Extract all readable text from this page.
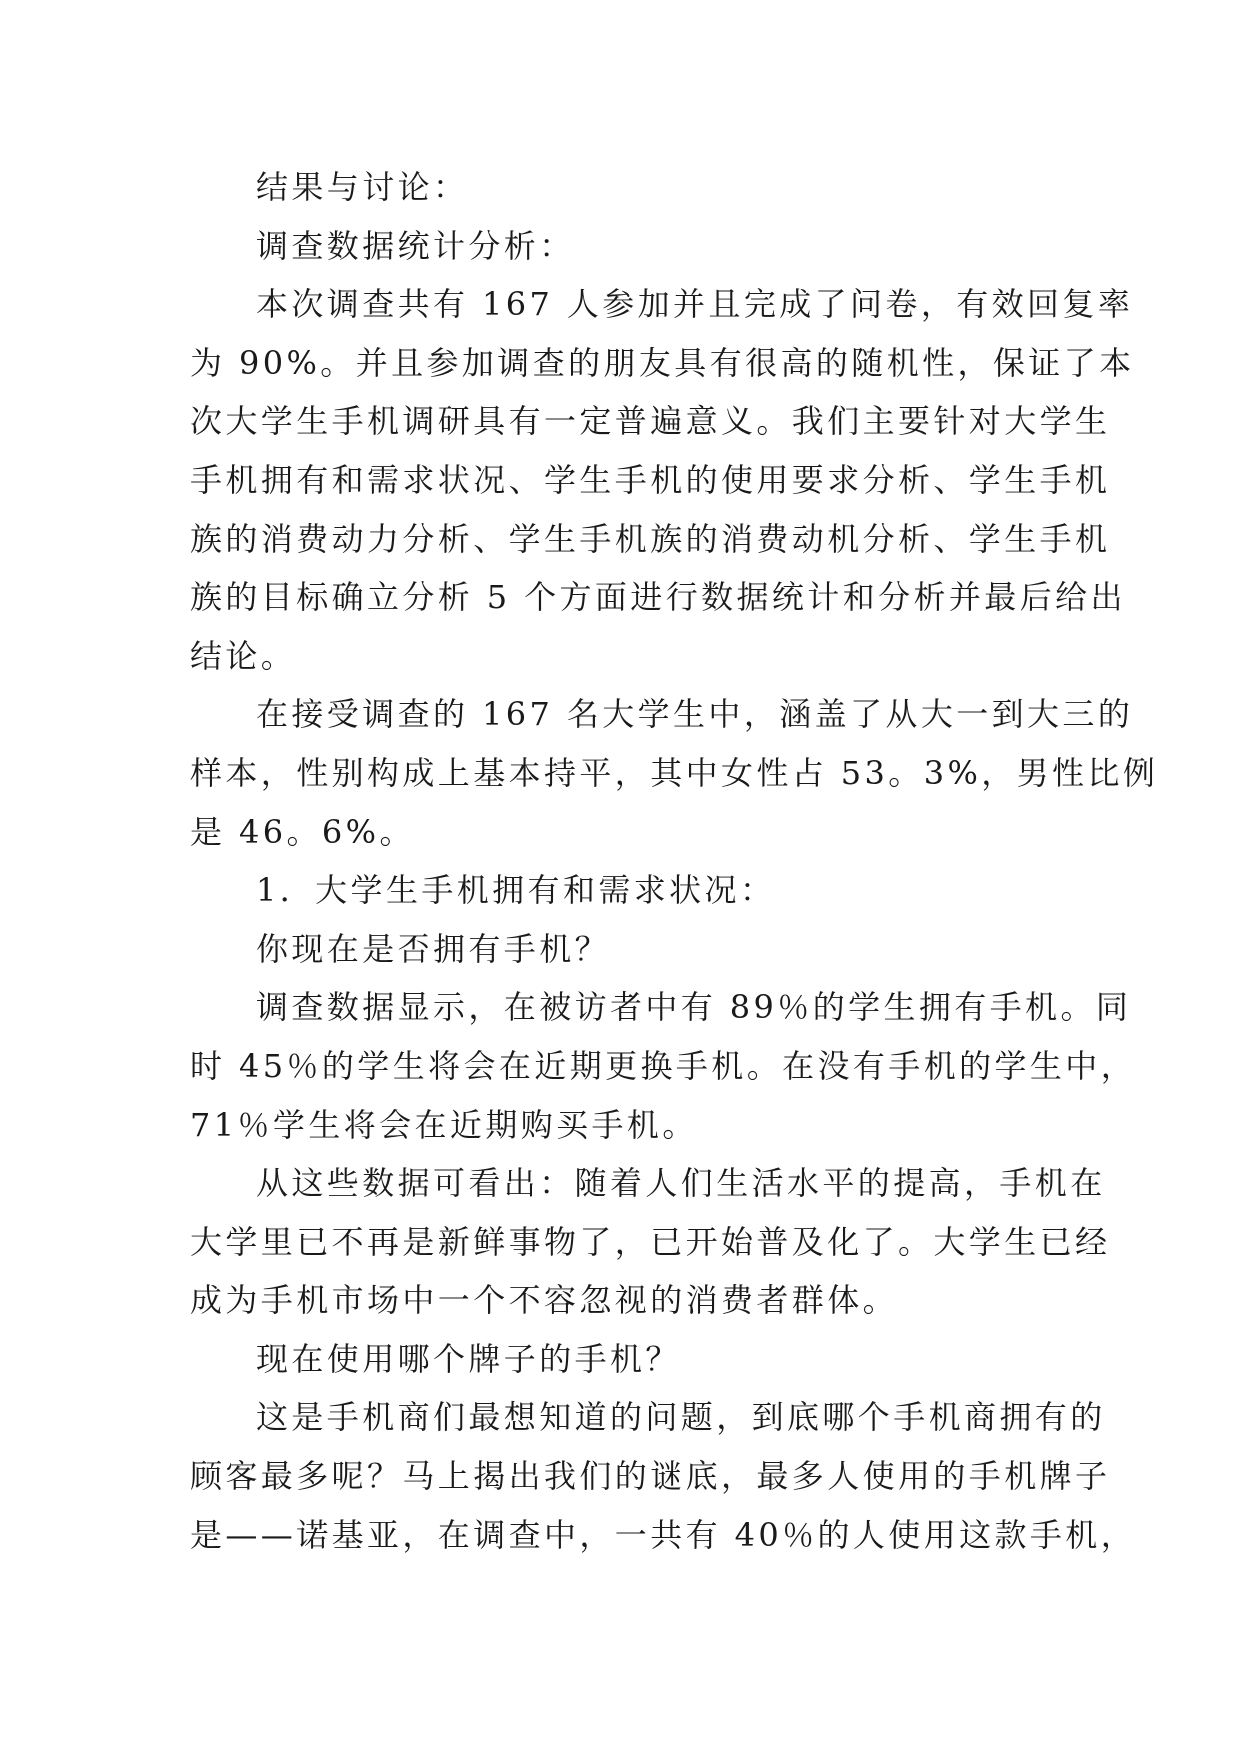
结果与讨论：
调查数据统计分析：
本次调查共有 167 人参加并且完成了问卷，有效回复率
为 90%。并且参加调查的朋友具有很高的随机性，保证了本
次大学生手机调研具有一定普遍意义。我们主要针对大学生
手机拥有和需求状况、学生手机的使用要求分析、学生手机
族的消费动力分析、学生手机族的消费动机分析、学生手机
族的目标确立分析 5 个方面进行数据统计和分析并最后给出
结论。
在接受调查的 167 名大学生中，涵盖了从大一到大三的
样本，性别构成上基本持平，其中女性占 53。3%，男性比例
是 46。6%。
1．大学生手机拥有和需求状况：
你现在是否拥有手机？
调查数据显示，在被访者中有 89％的学生拥有手机。同
时 45％的学生将会在近期更换手机。在没有手机的学生中，
71％学生将会在近期购买手机。
从这些数据可看出：随着人们生活水平的提高，手机在
大学里已不再是新鲜事物了，已开始普及化了。大学生已经
成为手机市场中一个不容忽视的消费者群体。
现在使用哪个牌子的手机？
这是手机商们最想知道的问题，到底哪个手机商拥有的
顾客最多呢？马上揭出我们的谜底，最多人使用的手机牌子
是——诺基亚，在调查中，一共有 40％的人使用这款手机，
